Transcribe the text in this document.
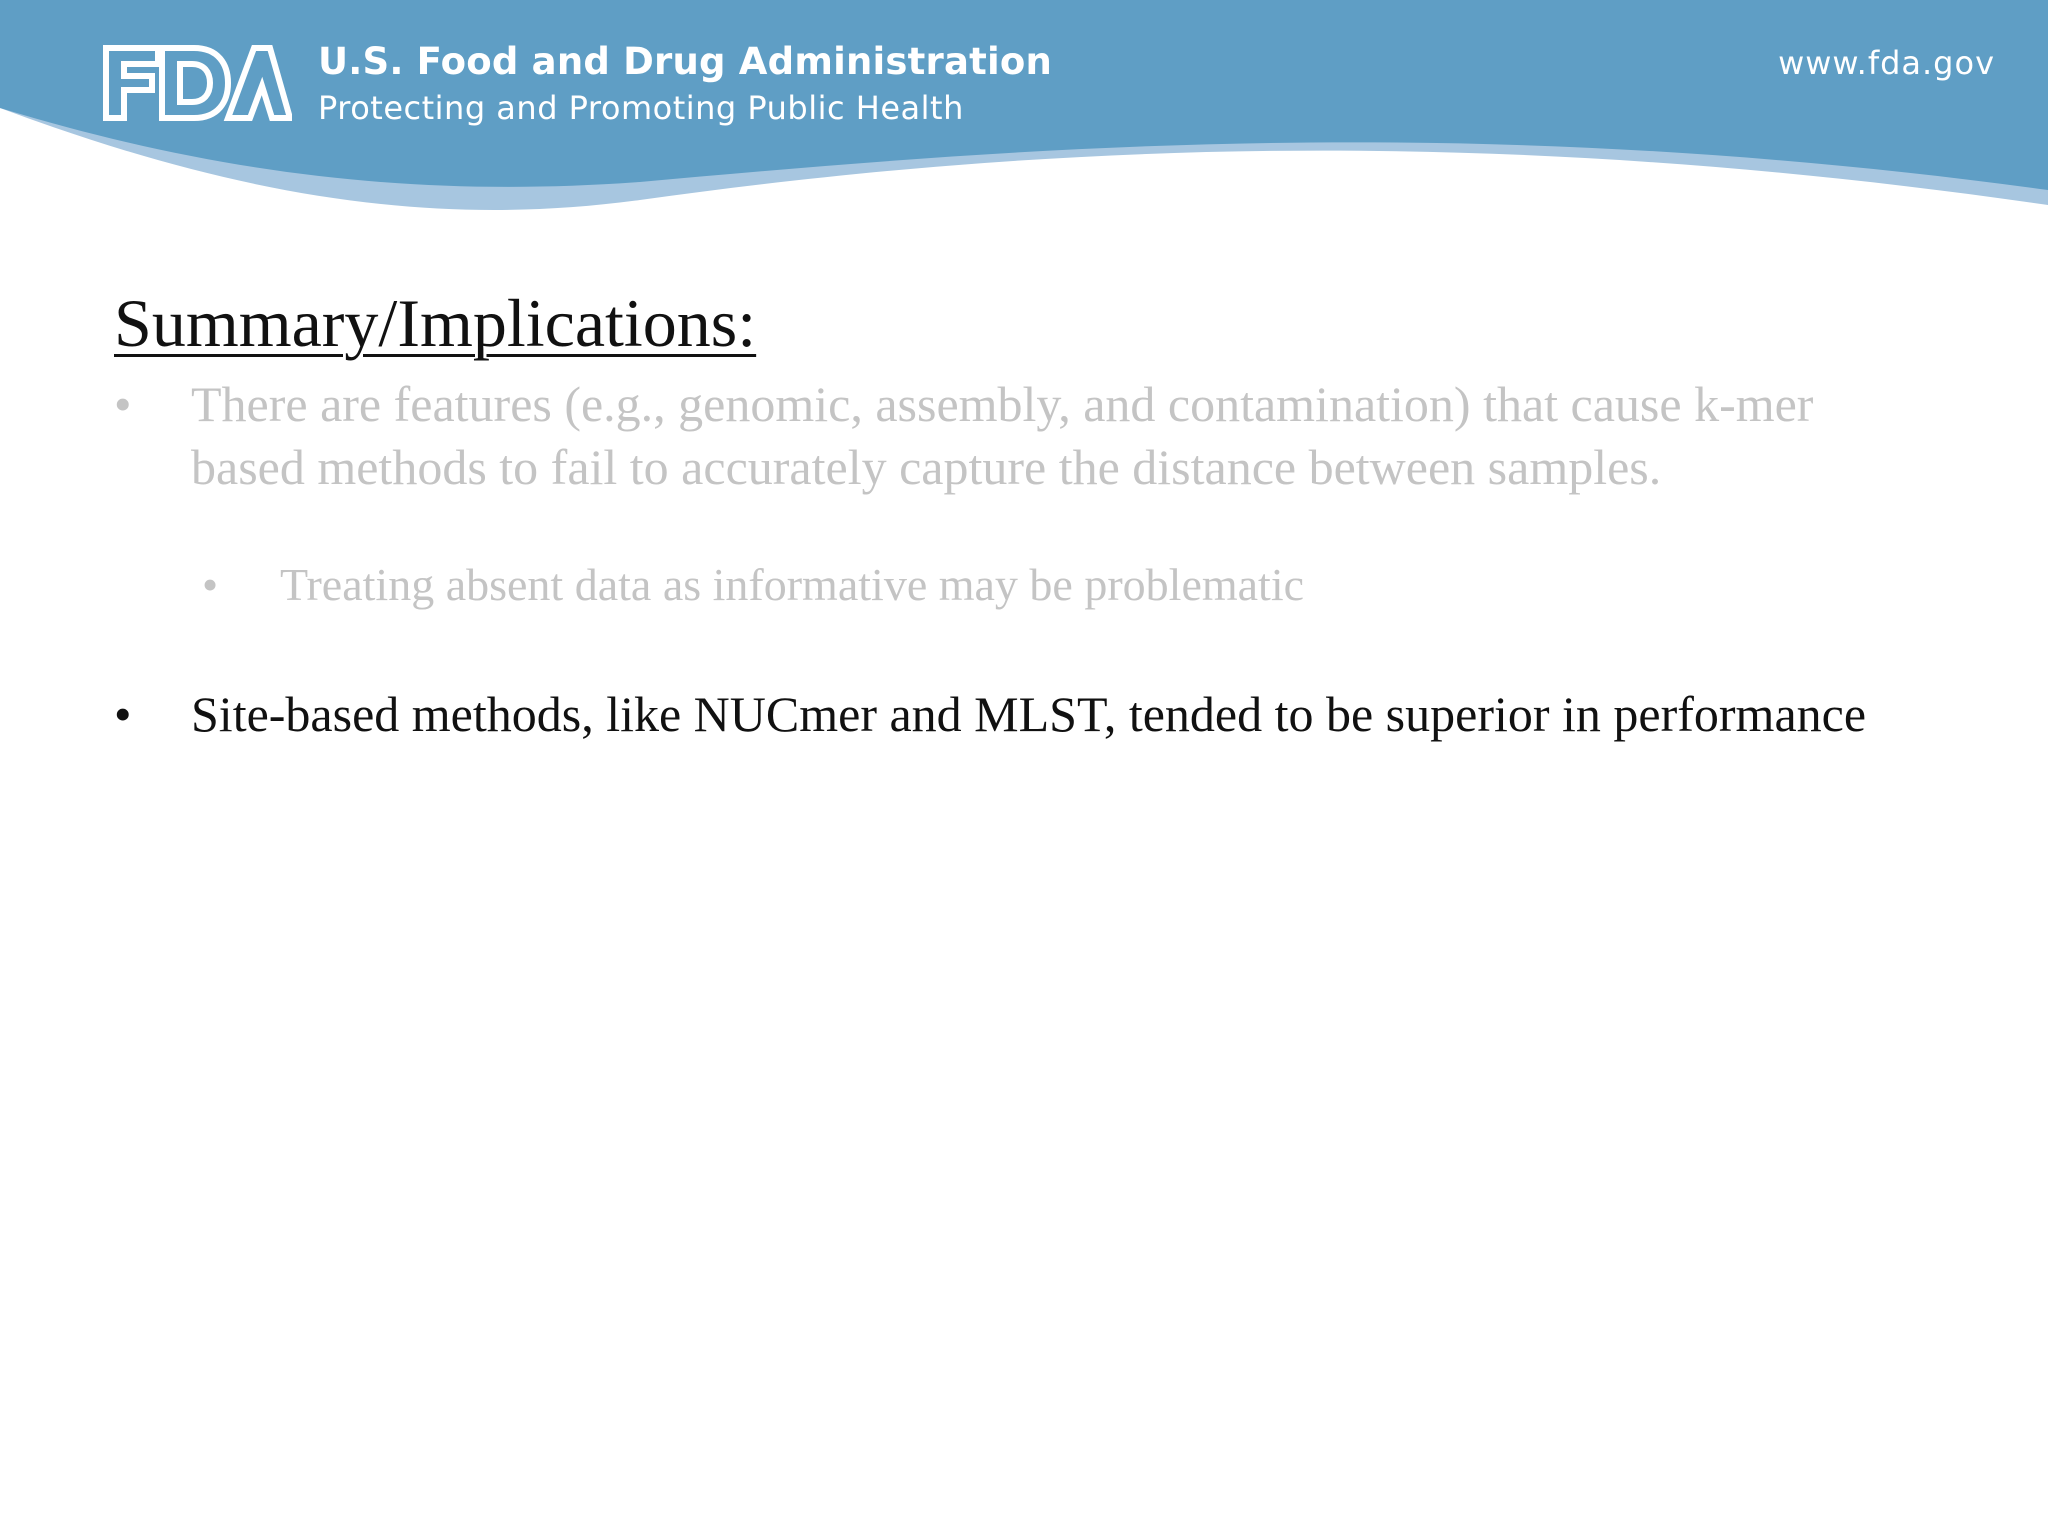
U.S. Food and Drug Administration
Protecting and Promoting Public Health
www.fda.gov
Summary/Implications:
• There are features (e.g., genomic, assembly, and contamination) that cause k-mer based methods to fail to accurately capture the distance between samples.
• Treating absent data as informative may be problematic
• Site-based methods, like NUCmer and MLST, tended to be superior in performance
